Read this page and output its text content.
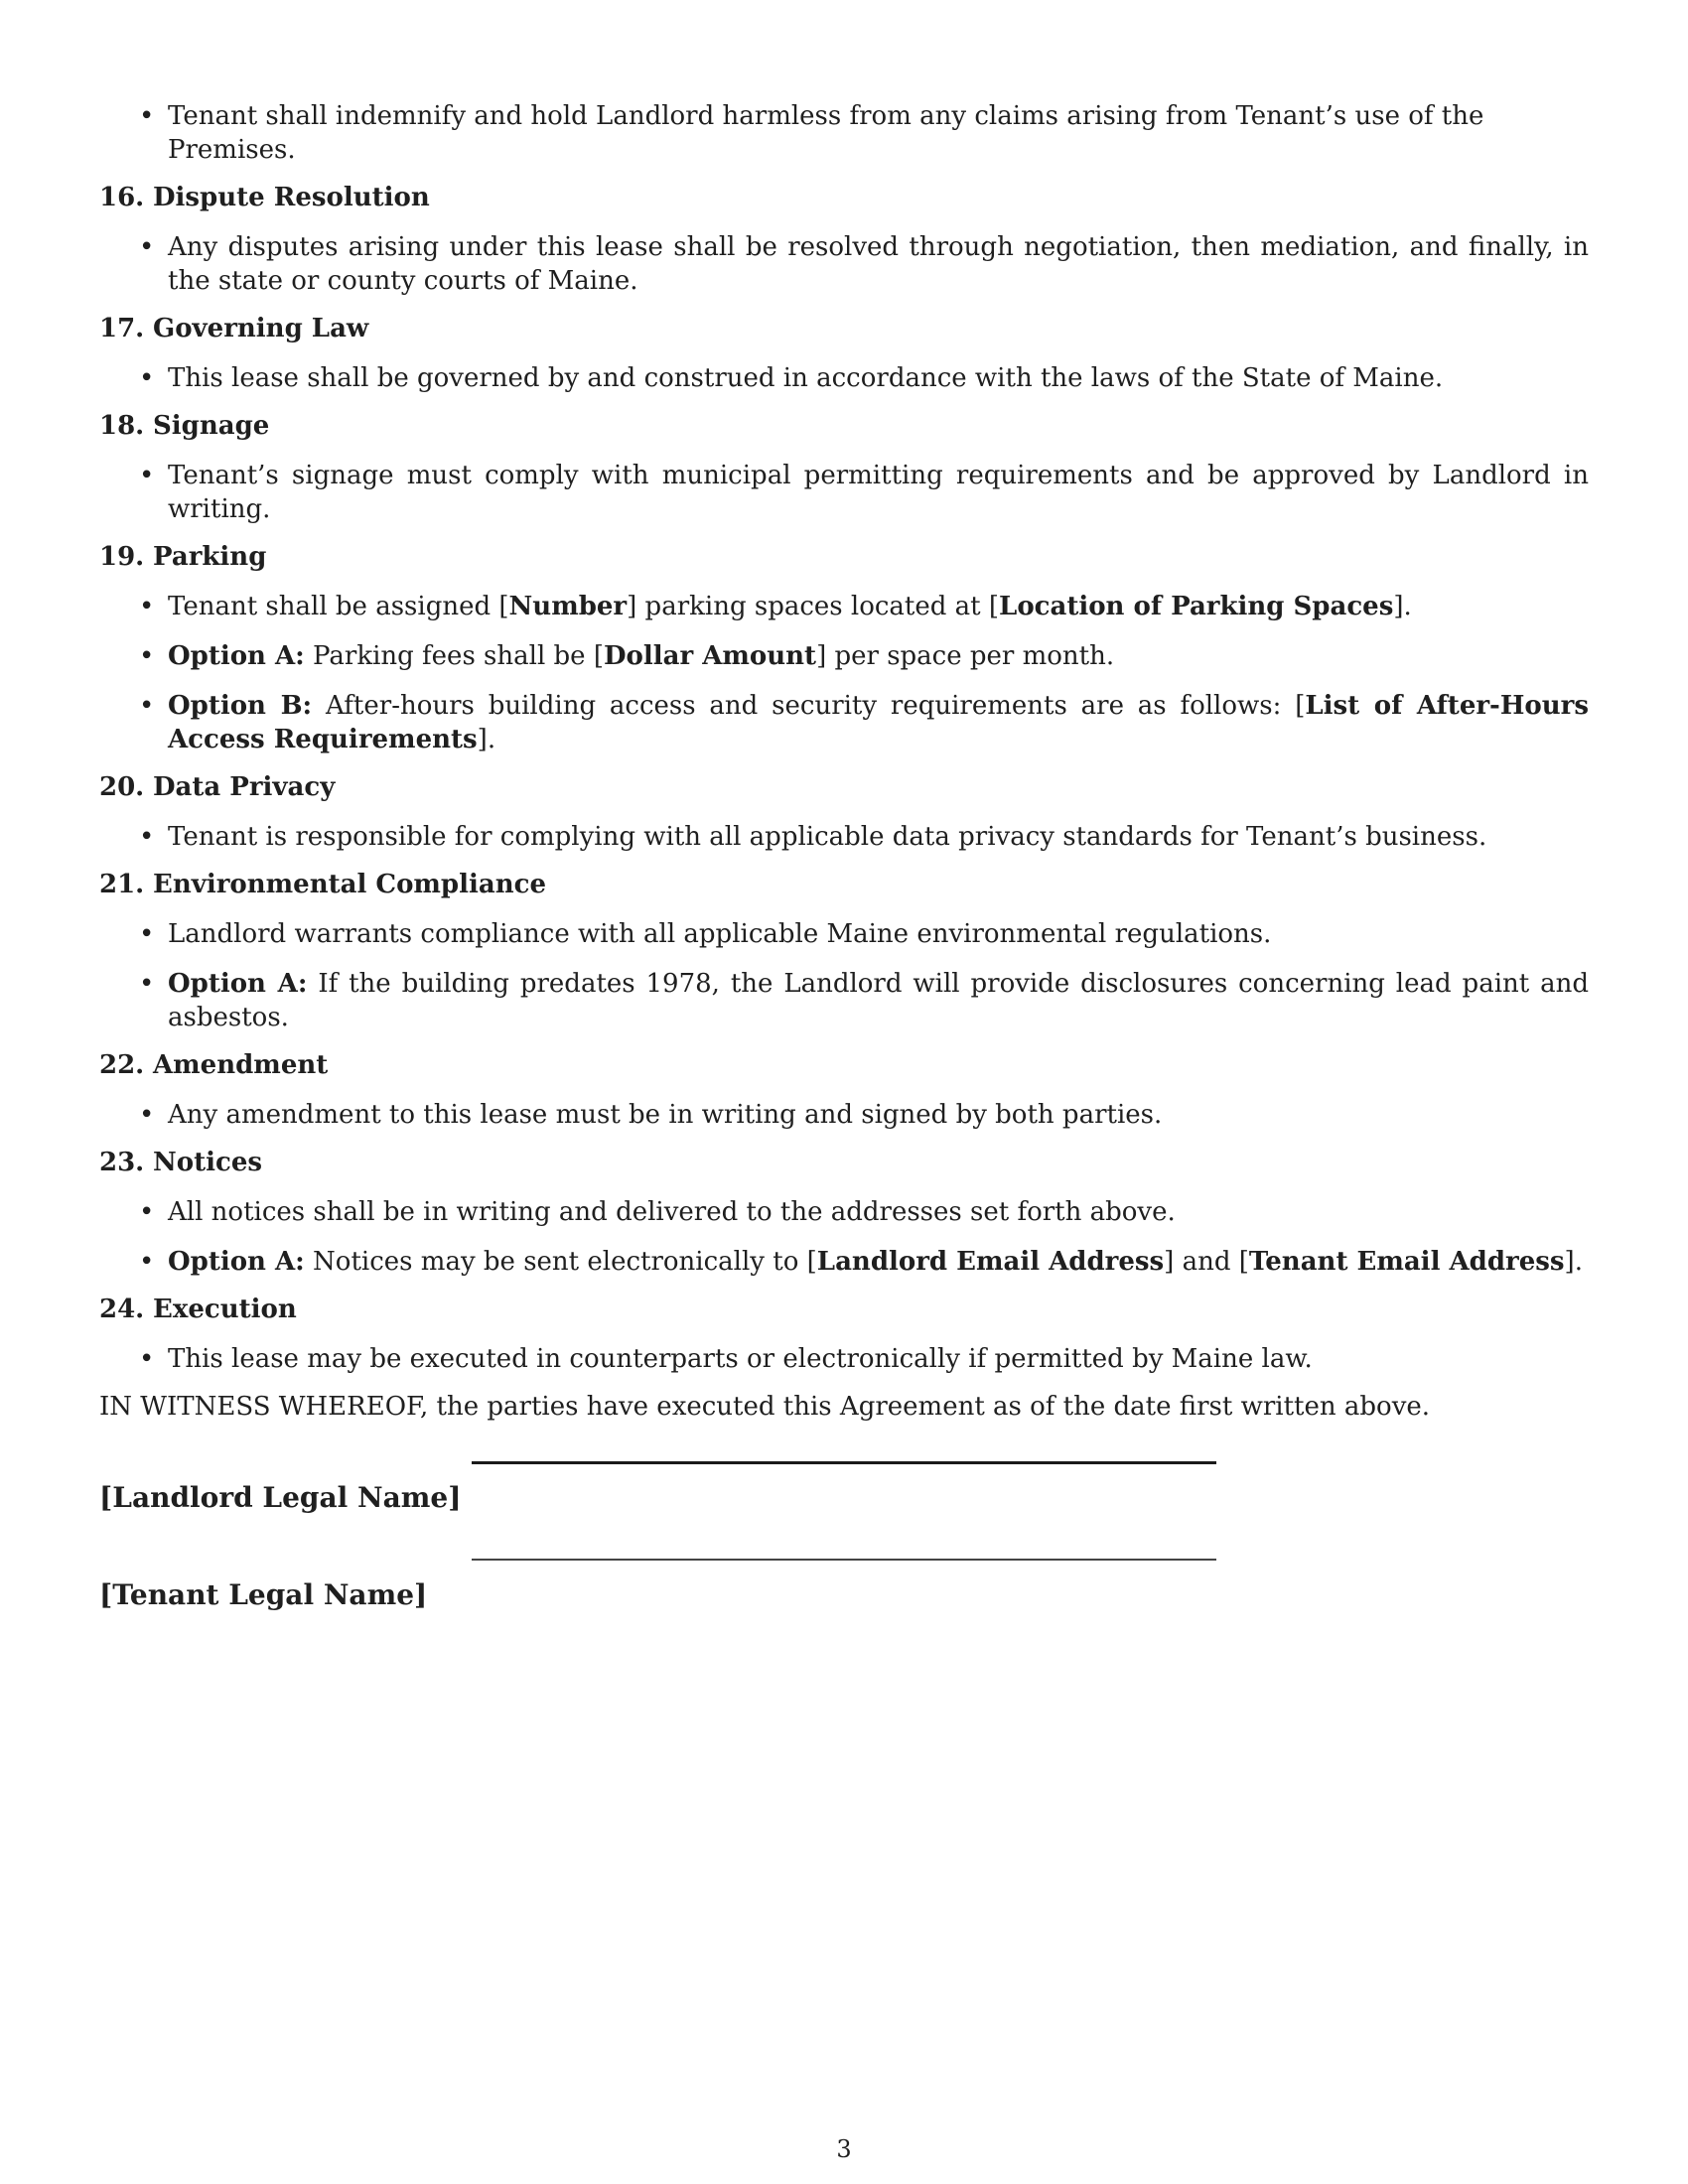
• Tenant shall indemnify and hold Landlord harmless from any claims arising from Tenant’s use of the Premises.
16. Dispute Resolution
• Any disputes arising under this lease shall be resolved through negotiation, then mediation, and finally, in the state or county courts of Maine.
17. Governing Law
• This lease shall be governed by and construed in accordance with the laws of the State of Maine.
18. Signage
• Tenant’s signage must comply with municipal permitting requirements and be approved by Landlord in writing.
19. Parking
• Tenant shall be assigned [Number] parking spaces located at [Location of Parking Spaces].
• Option A: Parking fees shall be [Dollar Amount] per space per month.
• Option B: After-hours building access and security requirements are as follows: [List of After-Hours Access Requirements].
20. Data Privacy
• Tenant is responsible for complying with all applicable data privacy standards for Tenant’s business.
21. Environmental Compliance
• Landlord warrants compliance with all applicable Maine environmental regulations.
• Option A: If the building predates 1978, the Landlord will provide disclosures concerning lead paint and asbestos.
22. Amendment
• Any amendment to this lease must be in writing and signed by both parties.
23. Notices
• All notices shall be in writing and delivered to the addresses set forth above.
• Option A: Notices may be sent electronically to [Landlord Email Address] and [Tenant Email Address].
24. Execution
• This lease may be executed in counterparts or electronically if permitted by Maine law.
IN WITNESS WHEREOF, the parties have executed this Agreement as of the date first written above.
[Landlord Legal Name]
[Tenant Legal Name]
3
